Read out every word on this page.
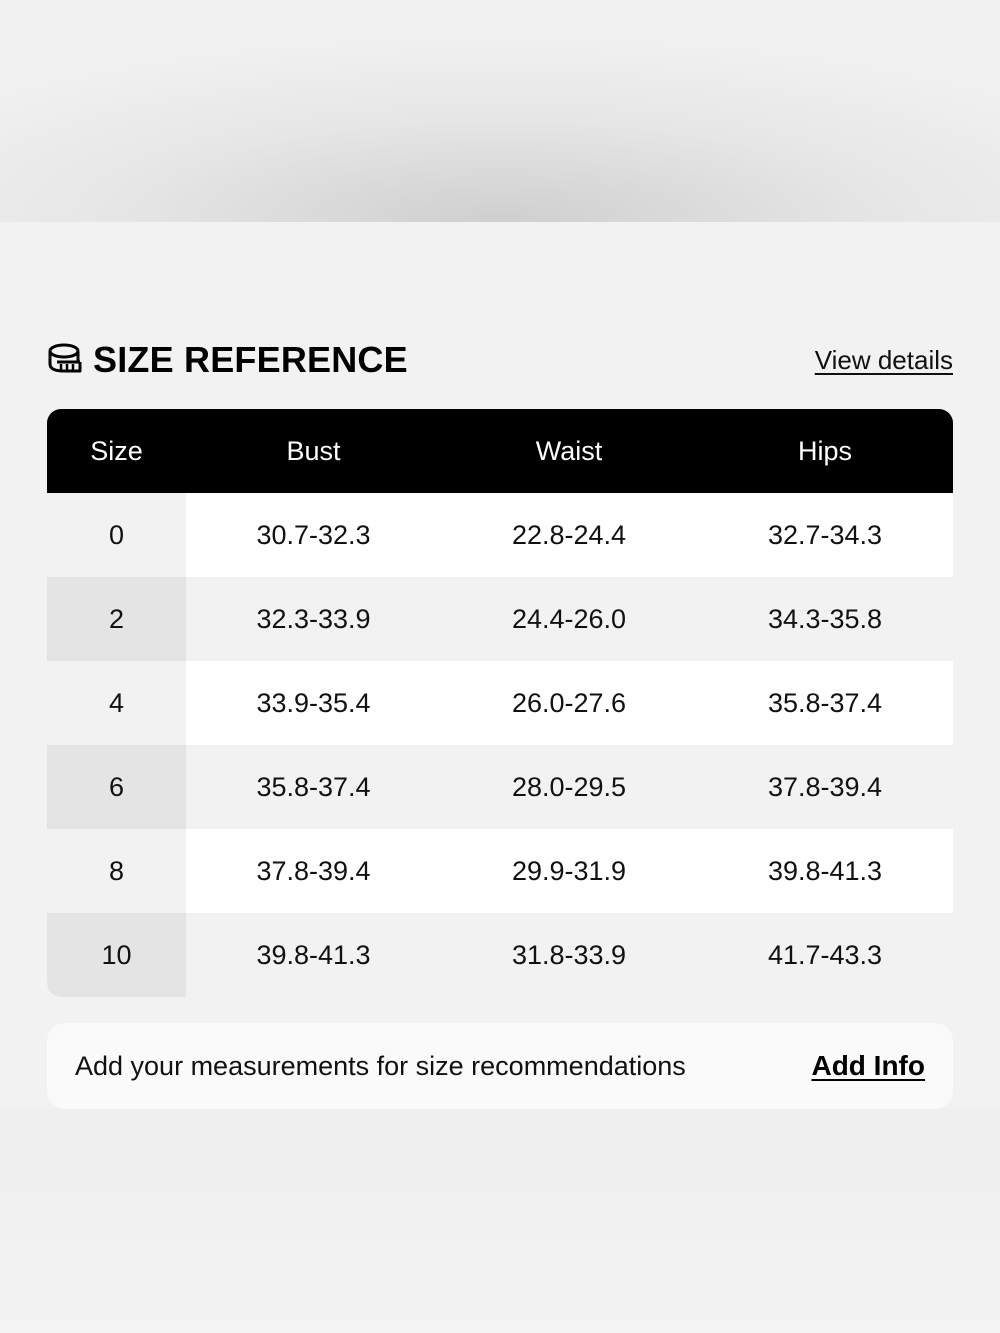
SIZE REFERENCE	View details
Size	Bust	Waist	Hips
0	30.7-32.3	22.8-24.4	32.7-34.3
2	32.3-33.9	24.4-26.0	34.3-35.8
4	33.9-35.4	26.0-27.6	35.8-37.4
6	35.8-37.4	28.0-29.5	37.8-39.4
8	37.8-39.4	29.9-31.9	39.8-41.3
10	39.8-41.3	31.8-33.9	41.7-43.3
Add your measurements for size recommendations	Add Info
